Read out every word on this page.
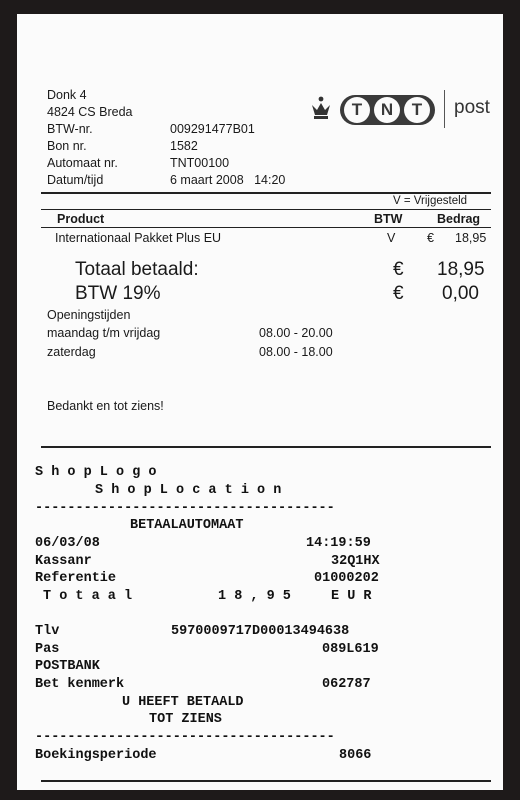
Donk 4
4824 CS Breda
BTW-nr.	009291477B01
Bon nr.	1582
Automaat nr.	TNT00100
Datum/tijd	6 maart 2008   14:20
T	N	T	post
V = Vrijgesteld
Product	BTW	Bedrag
Internationaal Pakket Plus EU	V	€ 18,95
Totaal betaald:	€ 18,95
BTW 19%	€ 0,00
Openingstijden
maandag t/m vrijdag	08.00 - 20.00
zaterdag	08.00 - 18.00
Bedankt en tot ziens!
S h o p L o g o
S h o p L o c a t i o n
-------------------------------------
BETAALAUTOMAAT
06/03/08	14:19:59
Kassanr	32Q1HX
Referentie	01000202
T o t a a l	1 8 , 9 5	E U R
Tlv	5970009717D00013494638
Pas	089L619
POSTBANK
Bet kenmerk	062787
U HEEFT BETAALD
TOT ZIENS
-------------------------------------
Boekingsperiode	8066
